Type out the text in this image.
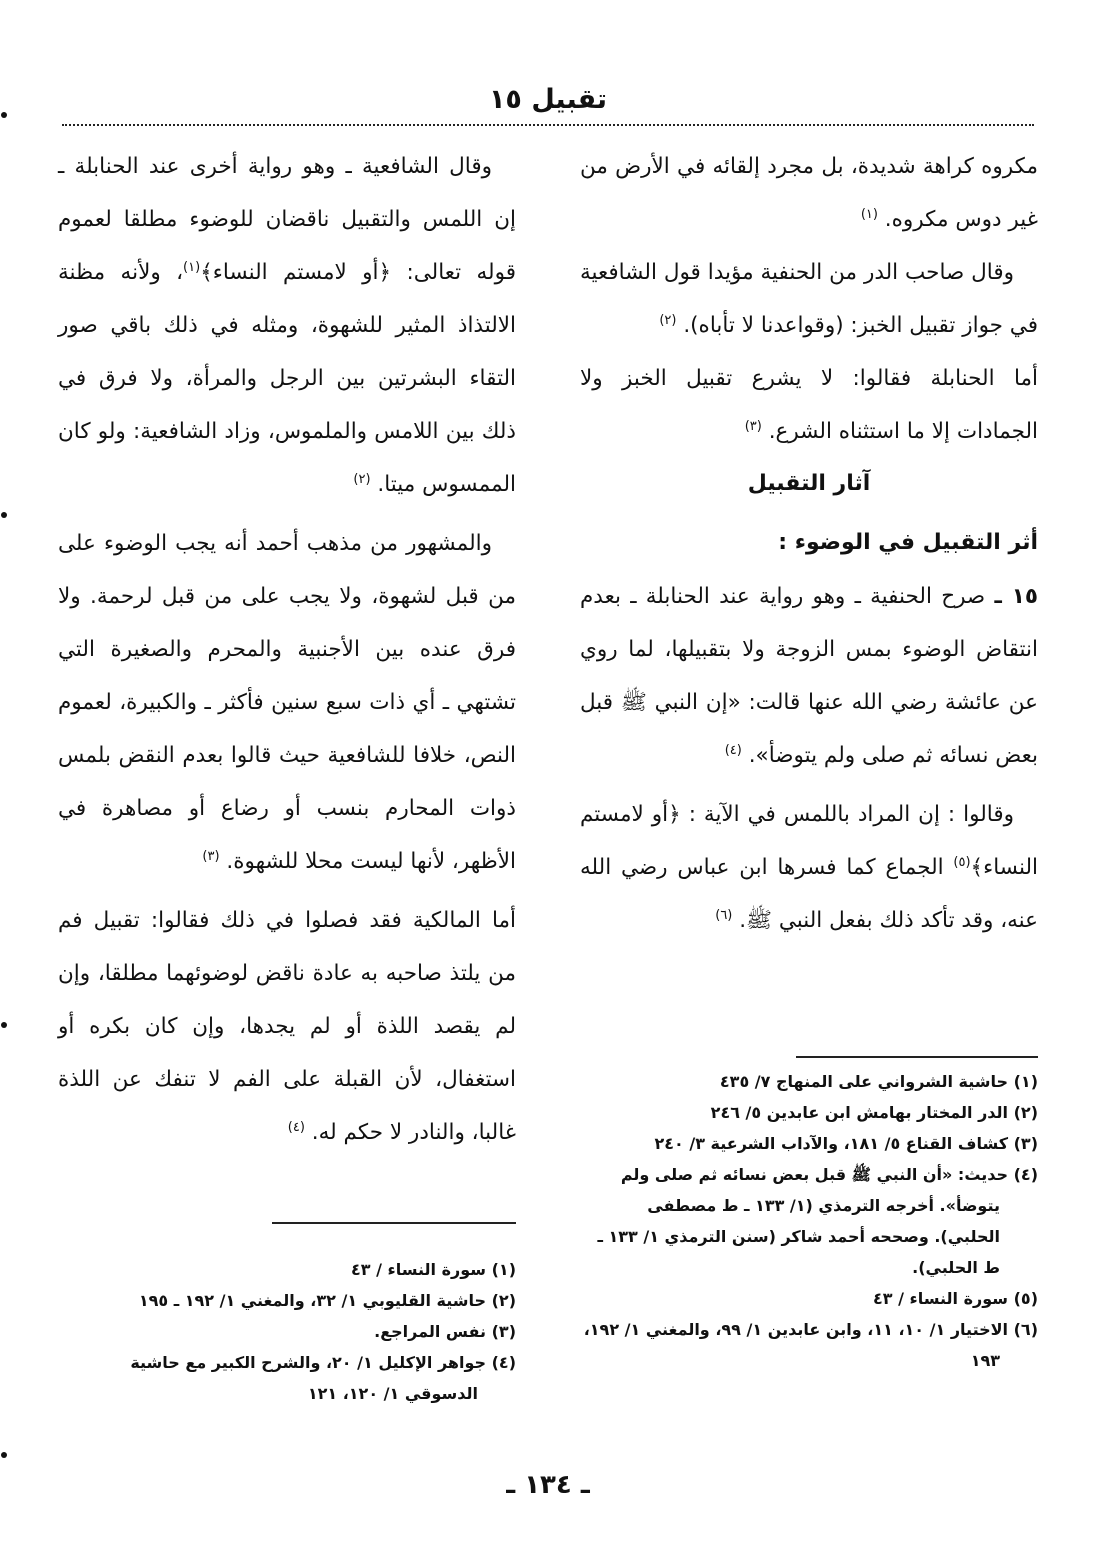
تقبيل ١٥

مكروه كراهة شديدة، بل مجرد إلقائه في الأرض من غير دوس مكروه. $^{(١)}$

وقال صاحب الدر من الحنفية مؤيدا قول الشافعية في جواز تقبيل الخبز: (وقواعدنا لا تأباه). $^{(٢)}$

أما الحنابلة فقالوا: لا يشرع تقبيل الخبز ولا الجمادات إلا ما استثناه الشرع. $^{(٣)}$

آثار التقبيل

أثر التقبيل في الوضوء :

١٥ ـ صرح الحنفية ـ وهو رواية عند الحنابلة ـ بعدم انتقاض الوضوء بمس الزوجة ولا بتقبيلها، لما روي عن عائشة رضي الله عنها قالت: «إن النبي ﷺ قبل بعض نسائه ثم صلى ولم يتوضأ». $^{(٤)}$

وقالوا : إن المراد باللمس في الآية : ﴿أو لامستم النساء﴾$^{(٥)}$ الجماع كما فسرها ابن عباس رضي الله عنه، وقد تأكد ذلك بفعل النبي ﷺ. $^{(٦)}$

وقال الشافعية ـ وهو رواية أخرى عند الحنابلة ـ إن اللمس والتقبيل ناقضان للوضوء مطلقا لعموم قوله تعالى: ﴿أو لامستم النساء﴾$^{(١)}$، ولأنه مظنة الالتذاذ المثير للشهوة، ومثله في ذلك باقي صور التقاء البشرتين بين الرجل والمرأة، ولا فرق في ذلك بين اللامس والملموس، وزاد الشافعية: ولو كان الممسوس ميتا. $^{(٢)}$

والمشهور من مذهب أحمد أنه يجب الوضوء على من قبل لشهوة، ولا يجب على من قبل لرحمة. ولا فرق عنده بين الأجنبية والمحرم والصغيرة التي تشتهي ـ أي ذات سبع سنين فأكثر ـ والكبيرة، لعموم النص، خلافا للشافعية حيث قالوا بعدم النقض بلمس ذوات المحارم بنسب أو رضاع أو مصاهرة في الأظهر، لأنها ليست محلا للشهوة. $^{(٣)}$

أما المالكية فقد فصلوا في ذلك فقالوا: تقبيل فم من يلتذ صاحبه به عادة ناقض لوضوئهما مطلقا، وإن لم يقصد اللذة أو لم يجدها، وإن كان بكره أو استغفال، لأن القبلة على الفم لا تنفك عن اللذة غالبا، والنادر لا حكم له. $^{(٤)}$

(١) حاشية الشرواني على المنهاج ٧/ ٤٣٥

(٢) الدر المختار بهامش ابن عابدين ٥/ ٢٤٦

(٣) كشاف القناع ٥/ ١٨١، والآداب الشرعية ٣/ ٢٤٠

(٤) حديث: «أن النبي ﷺ قبل بعض نسائه ثم صلى ولم يتوضأ». أخرجه الترمذي (١/ ١٣٣ ـ ط مصطفى الحلبي). وصححه أحمد شاكر (سنن الترمذي ١/ ١٣٣ ـ ط الحلبي).

(٥) سورة النساء / ٤٣

(٦) الاختيار ١/ ١٠، ١١، وابن عابدين ١/ ٩٩، والمغني ١/ ١٩٢، ١٩٣

(١) سورة النساء / ٤٣

(٢) حاشية القليوبي ١/ ٣٢، والمغني ١/ ١٩٢ ـ ١٩٥

(٣) نفس المراجع.

(٤) جواهر الإكليل ١/ ٢٠، والشرح الكبير مع حاشية الدسوقي ١/ ١٢٠، ١٢١

ـ ١٣٤ ـ
